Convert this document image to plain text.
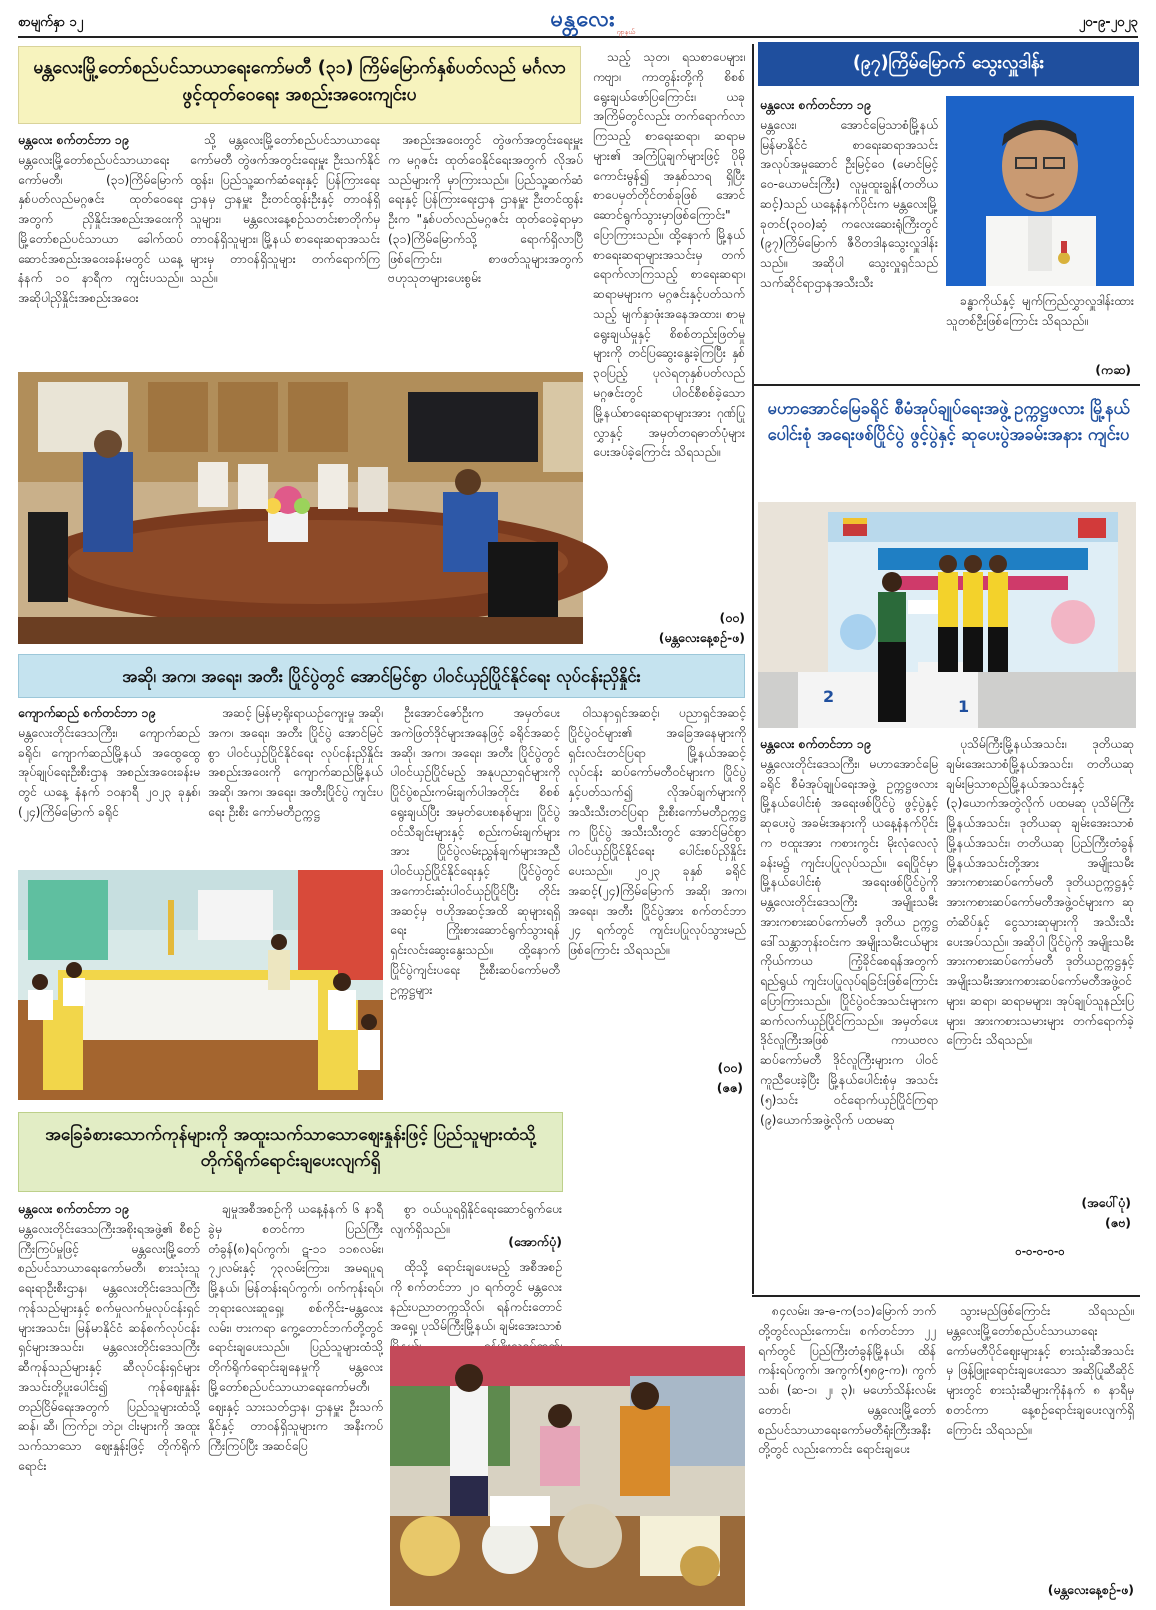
စာမျက်နှာ ၁၂	မန္တလေး ဂျာနယ်
၂၀-၉-၂၀၂၃
မန္တလေးမြို့တော်စည်ပင်သာယာရေးကော်မတီ (၃၁) ကြိမ်မြောက်နှစ်ပတ်လည် မင်္ဂလာဖွင့်ထုတ်ဝေရေး အစည်းအဝေးကျင်းပ

မန္တလေး စက်တင်ဘာ ၁၉
မန္တလေးမြို့တော်စည်ပင်သာယာရေးကော်မတီ၊ (၃၁)ကြိမ်မြောက် နှစ်ပတ်လည်မဂ္ဂဇင်း ထုတ်ဝေရေးအတွက် ညှိနှိုင်းအစည်းအဝေးကို မြို့တော်စည်ပင်သာယာ ခေါက်ထပ်ဆောင်အစည်းအဝေးခန်းမတွင် ယနေ့ နံနက် ၁၀ နာရီက ကျင်းပသည်။ အဆိုပါညှိနှိုင်းအစည်းအဝေး

သို့ မန္တလေးမြို့တော်စည်ပင်သာယာရေးကော်မတီ တွဲဖက်အတွင်းရေးမှူး ဦးသက်နိုင်ထွန်း၊ ပြည်သူ့ဆက်ဆံရေးနှင့် ပြန်ကြားရေးဌာနမှ ဌာနမှူး ဦးတင်ထွန်းဦးနှင့် တာဝန်ရှိသူများ၊ မန္တလေးနေ့စဉ်သတင်းစာတိုက်မှ တာဝန်ရှိသူများ၊ မြို့နယ် စာရေးဆရာအသင်းများမှ တာဝန်ရှိသူများ တက်ရောက်ကြသည်။

အစည်းအဝေးတွင် တွဲဖက်အတွင်းရေးမှူးက မဂ္ဂဇင်း ထုတ်ဝေနိုင်ရေးအတွက် လိုအပ်သည်များကို မှာကြားသည်။ ပြည်သူ့ဆက်ဆံရေးနှင့် ပြန်ကြားရေးဌာန ဌာနမှူး ဦးတင်ထွန်းဦးက "နှစ်ပတ်လည်မဂ္ဂဇင်း ထုတ်ဝေခဲ့ရာမှာ (၃၁)ကြိမ်မြောက်သို့ ရောက်ရှိလာပြီဖြစ်ကြောင်း၊ စာဖတ်သူများအတွက် ဗဟုသုတများပေးစွမ်း

သည့် သုတ၊ ရသစာပေများ၊ ကဗျာ၊ ကာတွန်းတို့ကို စိစစ်ရွေးချယ်ဖော်ပြကြောင်း၊ ယခုအကြိမ်တွင်လည်း တက်ရောက်လာကြသည့် စာရေးဆရာ၊ ဆရာမများ၏ အကြံပြုချက်များဖြင့် ပိုမိုကောင်းမွန်၍ အနှစ်သာရ ရှိပြီး စာပေမှတ်တိုင်တစ်ခုဖြစ် အောင် ဆောင်ရွက်သွားမှာဖြစ်ကြောင်း" ပြောကြားသည်။ ထို့နောက် မြို့နယ်စာရေးဆရာများအသင်းမှ တက်ရောက်လာကြသည့် စာရေးဆရာ၊ ဆရာမများက မဂ္ဂဇင်းနှင့်ပတ်သက်သည့် မျက်နှာဖုံးအနေအထား၊ စာမူရွေးချယ်မှုနှင့် စိစစ်တည်းဖြတ်မှုများကို တင်ပြဆွေးနွေးခဲ့ကြပြီး နှစ် ၃၀ပြည့် ပုလဲရတုနှစ်ပတ်လည်မဂ္ဂဇင်းတွင် ပါဝင်စီစစ်ခဲ့သော မြို့နယ်စာရေးဆရာများအား ဂုဏ်ပြုလွှာနှင့် အမှတ်တရဓာတ်ပုံများ ပေးအပ်ခဲ့ကြောင်း သိရသည်။

(ဝဝ)
(မန္တလေးနေ့စဉ်-ဖ)
(၉၇)ကြိမ်မြောက် သွေးလှူဒါန်း

မန္တလေး စက်တင်ဘာ ၁၉
မန္တလေး၊ အောင်မြေသာစံမြို့နယ် မြန်မာနိုင်ငံ စာရေးဆရာအသင်း အလုပ်အမှုဆောင် ဦးမြင့်ဝေ (မောင်မြင့်ဝေ-ယောမင်းကြီး) လူမှုထူးချွန်(တတိယဆင့်)သည် ယနေ့နံနက်ပိုင်းက မန္တလေးမြို့ ခုတင်(၃၀၀)ဆံ့ ကလေးဆေးရုံကြီးတွင် (၉၇)ကြိမ်မြောက် ဇီဝိတဒါနသွေးလှူဒါန်းသည်။ အဆိုပါ သွေးလှူရှင်သည် သက်ဆိုင်ရာဌာနအသီးသီး

ခန္ဓာကိုယ်နှင့် မျက်ကြည်လွှာလှူဒါန်းထားသူတစ်ဦးဖြစ်ကြောင်း သိရသည်။

(ကဆ)
မဟာအောင်မြေခရိုင် စီမံအုပ်ချုပ်ရေးအဖွဲ့ ဥက္ကဋ္ဌဖလား မြို့နယ်ပေါင်းစုံ အရေးဖစ်ပြိုင်ပွဲ ဖွင့်ပွဲနှင့် ဆုပေးပွဲအခမ်းအနား ကျင်းပ
2
1

မန္တလေး စက်တင်ဘာ ၁၉
မန္တလေးတိုင်းဒေသကြီး၊ မဟာအောင်မြေခရိုင် စီမံအုပ်ချုပ်ရေးအဖွဲ့ ဥက္ကဋ္ဌဖလား မြို့နယ်ပေါင်းစုံ အရေးဖစ်ပြိုင်ပွဲ ဖွင့်ပွဲနှင့်ဆုပေးပွဲ အခမ်းအနားကို ယနေ့နံနက်ပိုင်းက ဗထူးအား ကစားကွင်း မိုးလုံလေလုံခန်းမ၌ ကျင်းပပြုလုပ်သည်။ ရေပြိုင်မှာ မြို့နယ်ပေါင်းစုံ အရေးဖစ်ပြိုင်ပွဲကို မန္တလေးတိုင်းဒေသကြီး အမျိုးသမီးအားကစားဆပ်ကော်မတီ ဒုတိယ ဥက္ကဋ္ဌ ဒေါ်သန္တာဘုန်းဝင်းက အမျိုးသမီးငယ်များ ကိုယ်ကာယ ကြံ့ခိုင်စေရန်အတွက် ရည်ရွယ် ကျင်းပပြုလုပ်ရခြင်းဖြစ်ကြောင်း ပြောကြားသည်။ ပြိုင်ပွဲဝင်အသင်းများက ဆက်လက်ယှဉ်ပြိုင်ကြသည်။ အမှတ်ပေး ဒိုင်လူကြီးအဖြစ် ကာယဗလဆပ်ကော်မတီ ဒိုင်လူကြီးများက ပါဝင်ကူညီပေးခဲ့ပြီး မြို့နယ်ပေါင်းစုံမှ အသင်း (၅)သင်း ဝင်ရောက်ယှဉ်ပြိုင်ကြရာ (၉)ယောက်အဖွဲ့လိုက် ပထမဆု

ပုသိမ်ကြီးမြို့နယ်အသင်း၊ ဒုတိယဆု ချမ်းအေးသာစံမြို့နယ်အသင်း၊ တတိယဆု ချမ်းမြသာစည်မြို့နယ်အသင်းနှင့် (၃)ယောက်အတွဲလိုက် ပထမဆု ပုသိမ်ကြီးမြို့နယ်အသင်း၊ ဒုတိယဆု ချမ်းအေးသာစံမြို့နယ်အသင်း၊ တတိယဆု ပြည်ကြီးတံခွန်မြို့နယ်အသင်းတို့အား အမျိုးသမီးအားကစားဆပ်ကော်မတီ ဒုတိယဥက္ကဋ္ဌနှင့် အားကစားဆပ်ကော်မတီအဖွဲ့ဝင်များက ဆုတံဆိပ်နှင့် ငွေသားဆုများကို အသီးသီးပေးအပ်သည်။ အဆိုပါ ပြိုင်ပွဲကို အမျိုးသမီးအားကစားဆပ်ကော်မတီ ဒုတိယဥက္ကဋ္ဌနှင့် အမျိုးသမီးအားကစားဆပ်ကော်မတီအဖွဲ့ဝင်များ၊ ဆရာ၊ ဆရာမများ၊ အုပ်ချုပ်သူနည်းပြများ၊ အားကစားသမားများ တက်ရောက်ခဲ့ကြောင်း သိရသည်။

(အပေါ်ပုံ)
(ဇဗ)
၀-၀-၀-၀-၀
အဆို၊ အက၊ အရေး၊ အတီး ပြိုင်ပွဲတွင် အောင်မြင်စွာ ပါဝင်ယှဉ်ပြိုင်နိုင်ရေး လုပ်ငန်းညှိနှိုင်း

ကျောက်ဆည် စက်တင်ဘာ ၁၉
မန္တလေးတိုင်းဒေသကြီး၊ ကျောက်ဆည်ခရိုင်၊ ကျောက်ဆည်မြို့နယ် အထွေထွေအုပ်ချုပ်ရေးဦးစီးဌာန အစည်းအဝေးခန်းမတွင် ယနေ့ နံနက် ၁၀နာရီ ၂၀၂၃ ခုနှစ်၊ (၂၄)ကြိမ်မြောက် ခရိုင်

အဆင့် မြန်မာ့ရိုးရာယဉ်ကျေးမှု အဆို၊ အက၊ အရေး၊ အတီး ပြိုင်ပွဲ အောင်မြင်စွာ ပါဝင်ယှဉ်ပြိုင်နိုင်ရေး လုပ်ငန်းညှိနှိုင်း အစည်းအဝေးကို ကျောက်ဆည်မြို့နယ် အဆို၊ အက၊ အရေး၊ အတီးပြိုင်ပွဲ ကျင်းပရေး ဦးစီး ကော်မတီဥက္ကဋ္ဌ

ဦးအောင်ဇော်ဦးက အမှတ်ပေးအကဲဖြတ်ဒိုင်များအနေဖြင့် ခရိုင်အဆင့် အဆို၊ အက၊ အရေး၊ အတီး ပြိုင်ပွဲတွင် ပါဝင်ယှဉ်ပြိုင်မည့် အနုပညာရှင်များကို ပြိုင်ပွဲစည်းကမ်းချက်ပါအတိုင်း စိစစ်ရွေးချယ်ပြီး အမှတ်ပေးစနစ်များ၊ ပြိုင်ပွဲဝင်သီချင်းများနှင့် စည်းကမ်းချက်များအား ပြိုင်ပွဲလမ်းညွှန်ချက်များအညီ ပါဝင်ယှဉ်ပြိုင်နိုင်ရေးနှင့် ပြိုင်ပွဲတွင် အကောင်းဆုံးပါဝင်ယှဉ်ပြိုင်ပြီး တိုင်းအဆင့်မှ ဗဟိုအဆင့်အထိ ဆုများရရှိရေး ကြိုးစားဆောင်ရွက်သွားရန် ရှင်းလင်းဆွေးနွေးသည်။ ထို့နောက် ပြိုင်ပွဲကျင်းပရေး ဦးစီးဆပ်ကော်မတီဥက္ကဋ္ဌများ

ဝါသနာရှင်အဆင့်၊ ပညာရှင်အဆင့် ပြိုင်ပွဲဝင်များ၏ အခြေအနေများကို ရှင်းလင်းတင်ပြရာ မြို့နယ်အဆင့် လုပ်ငန်း ဆပ်ကော်မတီဝင်များက ပြိုင်ပွဲနှင့်ပတ်သက်၍ လိုအပ်ချက်များကို အသီးသီးတင်ပြရာ ဦးစီးကော်မတီဥက္ကဋ္ဌက ပြိုင်ပွဲ အသီးသီးတွင် အောင်မြင်စွာ ပါဝင်ယှဉ်ပြိုင်နိုင်ရေး ပေါင်းစပ်ညှိနှိုင်းပေးသည်။ ၂၀၂၃ ခုနှစ် ခရိုင်အဆင့်(၂၄)ကြိမ်မြောက် အဆို၊ အက၊ အရေး၊ အတီး ပြိုင်ပွဲအား စက်တင်ဘာ ၂၄ ရက်တွင် ကျင်းပပြုလုပ်သွားမည်ဖြစ်ကြောင်း သိရသည်။

(ဝဝ)
(ဇဇ)
အခြေခံစားသောက်ကုန်များကို အထူးသက်သာသောဈေးနှုန်းဖြင့် ပြည်သူများထံသို့ တိုက်ရိုက်ရောင်းချပေးလျက်ရှိ

မန္တလေး စက်တင်ဘာ ၁၉
မန္တလေးတိုင်းဒေသကြီးအစိုးရအဖွဲ့၏ စီစဉ်ကြီးကြပ်မှုဖြင့် မန္တလေးမြို့တော်စည်ပင်သာယာရေးကော်မတီ၊ စားသုံးသူရေးရာဦးစီးဌာန၊ မန္တလေးတိုင်းဒေသကြီး ကုန်သည်များနှင့် စက်မှုလက်မှုလုပ်ငန်းရှင်များအသင်း၊ မြန်မာနိုင်ငံ ဆန်စက်လုပ်ငန်းရှင်များအသင်း၊ မန္တလေးတိုင်းဒေသကြီး ဆီကုန်သည်များနှင့် ဆီလုပ်ငန်းရှင်များ အသင်းတို့ပူးပေါင်း၍ ကုန်ဈေးနှုန်း တည်ငြိမ်ရေးအတွက် ပြည်သူများထံသို့ ဆန်၊ ဆီ၊ ကြက်ဥ၊ ဘဲဥ၊ ငါးများကို အထူးသက်သာသော ဈေးနှုန်းဖြင့် တိုက်ရိုက်ရောင်း

ချမှုအစီအစဉ်ကို ယနေ့နံနက် ၆ နာရီခွဲမှ စတင်ကာ ပြည်ကြီးတံခွန်(၈)ရပ်ကွက်၊ ဋ-၁၁ ၁၁၈လမ်း၊ ၇၂လမ်းနှင့် ၇၃လမ်းကြား၊ အမရပူရမြို့နယ်၊ မြန်တန်းရပ်ကွက်၊ ဝက်ကုန်းရပ်၊ ဘုရားလေးဆူရှေ့၊ စစ်ကိုင်း-မန္တလေးလမ်း၊ ဗားကရာ ကွေ့တောင်ဘက်တို့တွင် ရောင်းချပေးသည်။ ပြည်သူများထံသို့ တိုက်ရိုက်ရောင်းချနေမှုကို မန္တလေးမြို့တော်စည်ပင်သာယာရေးကော်မတီ၊ ဈေးနှင့် သားသတ်ဌာန၊ ဌာနမှူး ဦးသက်နိုင်နှင့် တာဝန်ရှိသူများက အနီးကပ် ကြီးကြပ်ပြီး အဆင်ပြေ

စွာ ဝယ်ယူရရှိနိုင်ရေးဆောင်ရွက်ပေးလျက်ရှိသည်။

(အောက်ပုံ)

ထိုသို့ ရောင်းချပေးမည့် အစီအစဉ်ကို စက်တင်ဘာ ၂၀ ရက်တွင် မန္တလေးနည်းပညာတက္ကသိုလ်၊ ရန်ကင်းတောင်အရှေ့၊ ပုသိမ်ကြီးမြို့နယ်၊ ချမ်းအေးသာစံ

၈၄လမ်း၊ အ-ဓ-က(၁၁)မြောက် ဘက်တို့တွင်လည်းကောင်း၊ စက်တင်ဘာ ၂၂ ရက်တွင် ပြည်ကြီးတံခွန်မြို့နယ်၊ ထိန်ကန်းရပ်ကွက်၊ အကွက်(၅၈၉-က)၊ ကွက်သစ်၊ (ဆ-၁၊ ၂၊ ၃)၊ မဟော်သိန်းလမ်းတောင်၊ မန္တလေးမြို့တော်စည်ပင်သာယာရေးကော်မတီရုံးကြီးအနီး တို့တွင် လည်းကောင်း ရောင်းချပေး

သွားမည်ဖြစ်ကြောင်း သိရသည်။ မန္တလေးမြို့တော်စည်ပင်သာယာရေးကော်မတီပိုင်ဈေးများနှင့် စားသုံးဆီအသင်းမှ ဖြန့်ဖြူးရောင်းချပေးသော အဆိုပြုဆီဆိုင်များတွင် စားသုံးဆီများကိုနံနက် ၈ နာရီမှ စတင်ကာ နေ့စဉ်ရောင်းချပေးလျက်ရှိကြောင်း သိရသည်။

(မန္တလေးနေ့စဉ်-ဖ)
